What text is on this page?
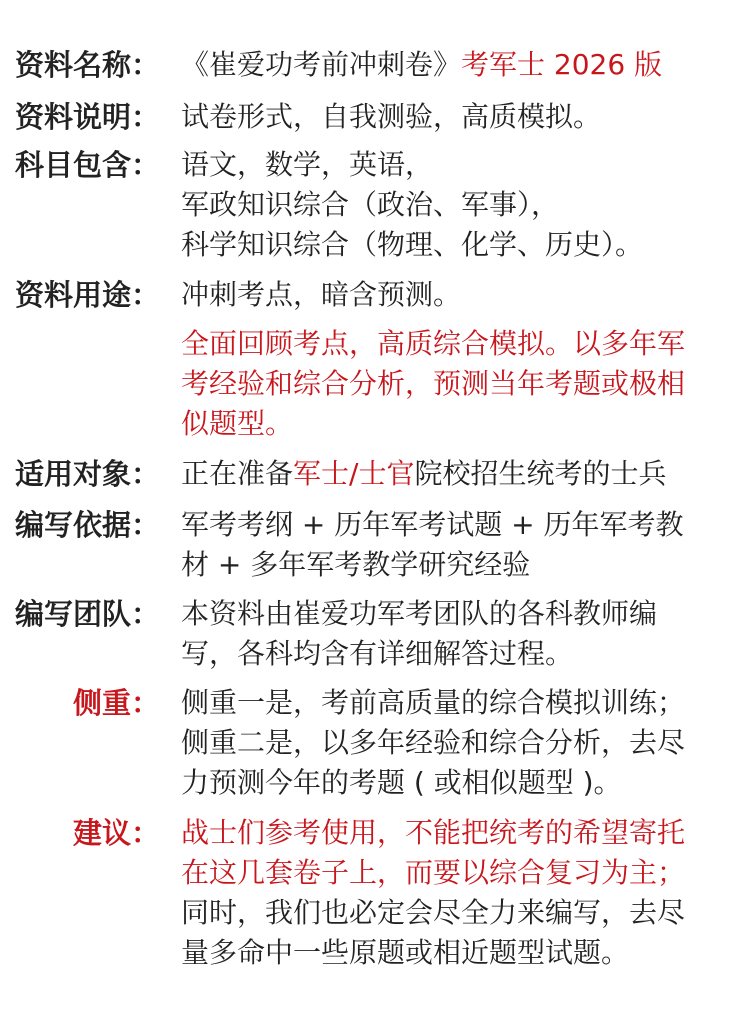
资料名称： 《崔爱功考前冲刺卷》考军士 2026 版
资料说明： 试卷形式，自我测验，高质模拟。
科目包含： 语文，数学，英语，
军政知识综合（政治、军事），
科学知识综合（物理、化学、历史）。
资料用途： 冲刺考点，暗含预测。
全面回顾考点，高质综合模拟。以多年军
考经验和综合分析，预测当年考题或极相
似题型。
适用对象： 正在准备军士/士官院校招生统考的士兵
编写依据： 军考考纲 + 历年军考试题 + 历年军考教
材 + 多年军考教学研究经验
编写团队： 本资料由崔爱功军考团队的各科教师编
写，各科均含有详细解答过程。
侧重： 侧重一是，考前高质量的综合模拟训练；
侧重二是，以多年经验和综合分析，去尽
力预测今年的考题 ( 或相似题型 )。
建议： 战士们参考使用，不能把统考的希望寄托
在这几套卷子上，而要以综合复习为主；
同时，我们也必定会尽全力来编写，去尽
量多命中一些原题或相近题型试题。
